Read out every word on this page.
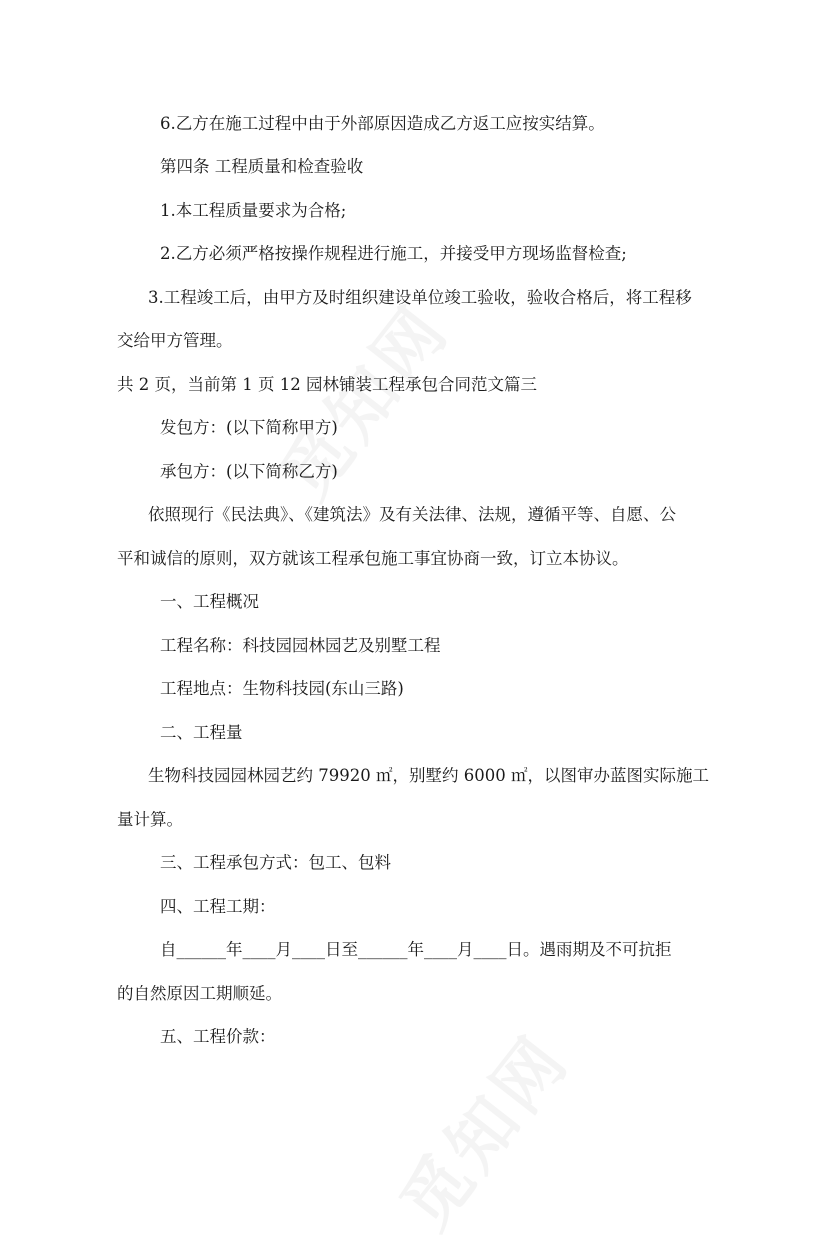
6.乙方在施工过程中由于外部原因造成乙方返工应按实结算。
第四条 工程质量和检查验收
1.本工程质量要求为合格;
2.乙方必须严格按操作规程进行施工，并接受甲方现场监督检查;
3.工程竣工后，由甲方及时组织建设单位竣工验收，验收合格后，将工程移
交给甲方管理。
共 2 页，当前第 1 页 12 园林铺装工程承包合同范文篇三
发包方：(以下简称甲方)
承包方：(以下简称乙方)
依照现行《民法典》、《建筑法》及有关法律、法规，遵循平等、自愿、公
平和诚信的原则，双方就该工程承包施工事宜协商一致，订立本协议。
一、工程概况
工程名称：科技园园林园艺及别墅工程
工程地点：生物科技园(东山三路)
二、工程量
生物科技园园林园艺约 79920 ㎡，别墅约 6000 ㎡，以图审办蓝图实际施工
量计算。
三、工程承包方式：包工、包料
四、工程工期：
自______年____月____日至______年____月____日。遇雨期及不可抗拒
的自然原因工期顺延。
五、工程价款：
